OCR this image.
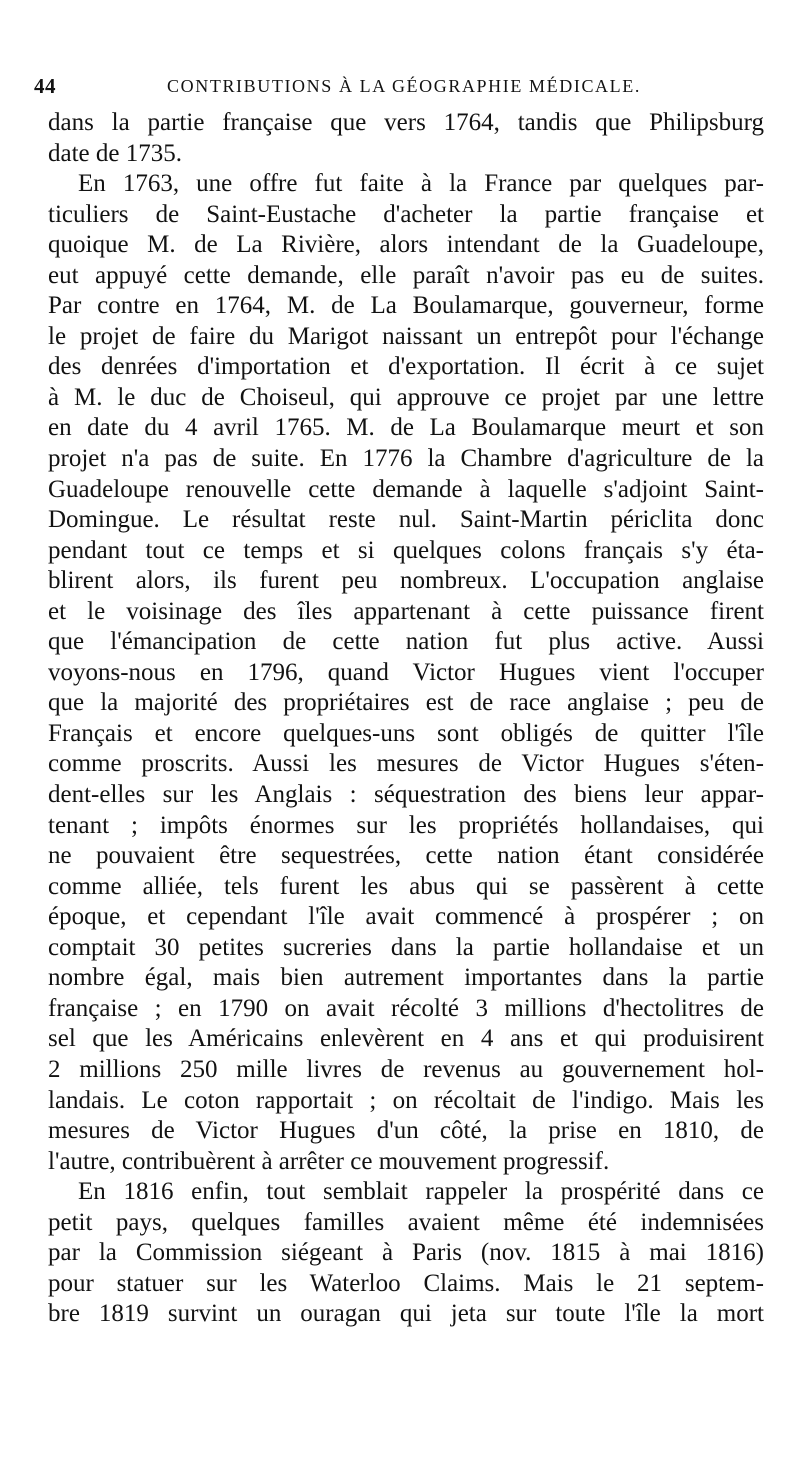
44	CONTRIBUTIONS À LA GÉOGRAPHIE MÉDICALE.
dans la partie française que vers 1764, tandis que Philipsburg
date de 1735.
En 1763, une offre fut faite à la France par quelques par-
ticuliers de Saint-Eustache d'acheter la partie française et
quoique M. de La Rivière, alors intendant de la Guadeloupe,
eut appuyé cette demande, elle paraît n'avoir pas eu de suites.
Par contre en 1764, M. de La Boulamarque, gouverneur, forme
le projet de faire du Marigot naissant un entrepôt pour l'échange
des denrées d'importation et d'exportation. Il écrit à ce sujet
à M. le duc de Choiseul, qui approuve ce projet par une lettre
en date du 4 avril 1765. M. de La Boulamarque meurt et son
projet n'a pas de suite. En 1776 la Chambre d'agriculture de la
Guadeloupe renouvelle cette demande à laquelle s'adjoint Saint-
Domingue. Le résultat reste nul. Saint-Martin périclita donc
pendant tout ce temps et si quelques colons français s'y éta-
blirent alors, ils furent peu nombreux. L'occupation anglaise
et le voisinage des îles appartenant à cette puissance firent
que l'émancipation de cette nation fut plus active. Aussi
voyons-nous en 1796, quand Victor Hugues vient l'occuper
que la majorité des propriétaires est de race anglaise ; peu de
Français et encore quelques-uns sont obligés de quitter l'île
comme proscrits. Aussi les mesures de Victor Hugues s'éten-
dent-elles sur les Anglais : séquestration des biens leur appar-
tenant ; impôts énormes sur les propriétés hollandaises, qui
ne pouvaient être sequestrées, cette nation étant considérée
comme alliée, tels furent les abus qui se passèrent à cette
époque, et cependant l'île avait commencé à prospérer ; on
comptait 30 petites sucreries dans la partie hollandaise et un
nombre égal, mais bien autrement importantes dans la partie
française ; en 1790 on avait récolté 3 millions d'hectolitres de
sel que les Américains enlevèrent en 4 ans et qui produisirent
2 millions 250 mille livres de revenus au gouvernement hol-
landais. Le coton rapportait ; on récoltait de l'indigo. Mais les
mesures de Victor Hugues d'un côté, la prise en 1810, de
l'autre, contribuèrent à arrêter ce mouvement progressif.
En 1816 enfin, tout semblait rappeler la prospérité dans ce
petit pays, quelques familles avaient même été indemnisées
par la Commission siégeant à Paris (nov. 1815 à mai 1816)
pour statuer sur les Waterloo Claims. Mais le 21 septem-
bre 1819 survint un ouragan qui jeta sur toute l'île la mort
